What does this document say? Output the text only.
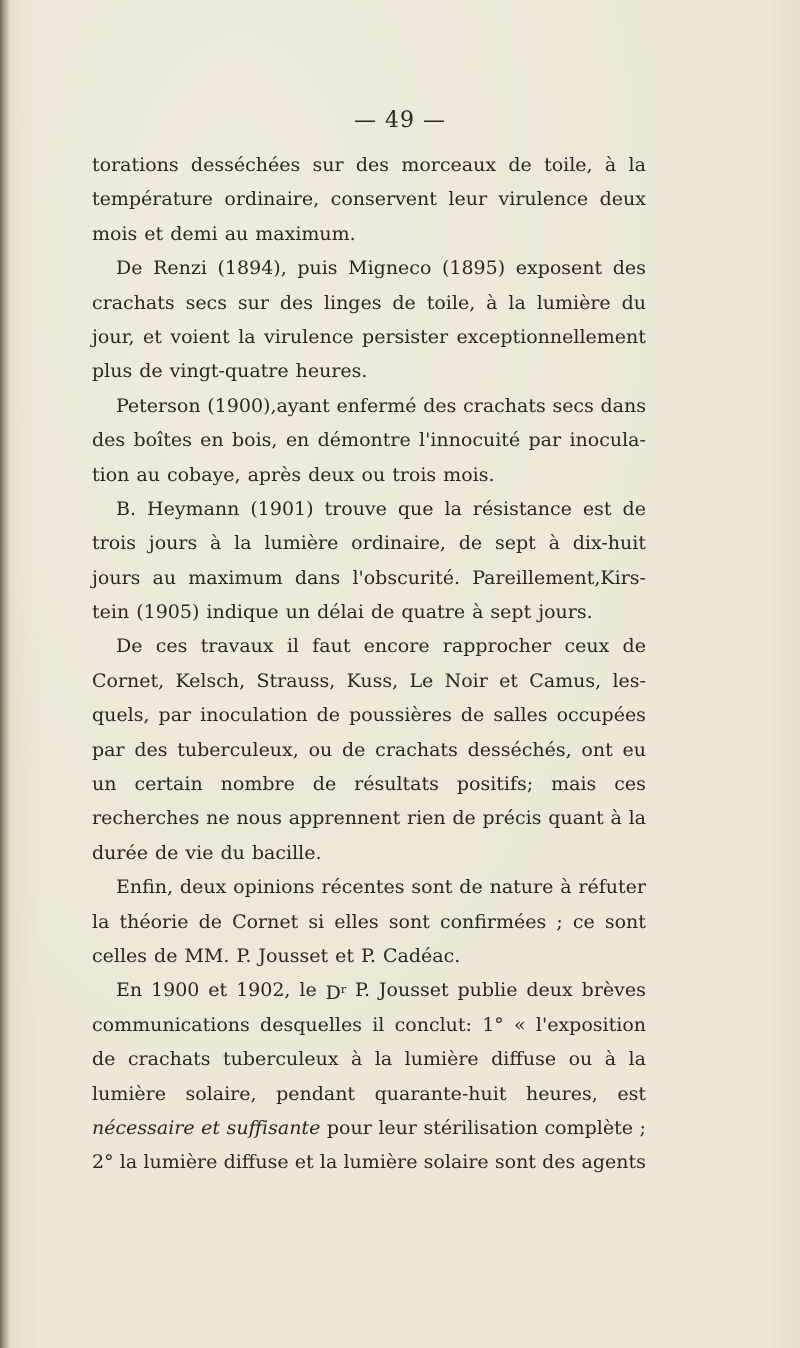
— 49 —
torations desséchées sur des morceaux de toile, à la
température ordinaire, conservent leur virulence deux
mois et demi au maximum.
De Renzi (1894), puis Migneco (1895) exposent des
crachats secs sur des linges de toile, à la lumière du
jour, et voient la virulence persister exceptionnellement
plus de vingt-quatre heures.
Peterson (1900),ayant enfermé des crachats secs dans
des boîtes en bois, en démontre l'innocuité par inocula-
tion au cobaye, après deux ou trois mois.
B. Heymann (1901) trouve que la résistance est de
trois jours à la lumière ordinaire, de sept à dix-huit
jours au maximum dans l'obscurité. Pareillement,Kirs-
tein (1905) indique un délai de quatre à sept jours.
De ces travaux il faut encore rapprocher ceux de
Cornet, Kelsch, Strauss, Kuss, Le Noir et Camus, les-
quels, par inoculation de poussières de salles occupées
par des tuberculeux, ou de crachats desséchés, ont eu
un certain nombre de résultats positifs; mais ces
recherches ne nous apprennent rien de précis quant à la
durée de vie du bacille.
Enfin, deux opinions récentes sont de nature à réfuter
la théorie de Cornet si elles sont confirmées ; ce sont
celles de MM. P. Jousset et P. Cadéac.
En 1900 et 1902, le $D^r$ P. Jousset publie deux brèves
communications desquelles il conclut: 1° « l'exposition
de crachats tuberculeux à la lumière diffuse ou à la
lumière solaire, pendant quarante-huit heures, est
nécessaire et suffisante pour leur stérilisation complète ;
2° la lumière diffuse et la lumière solaire sont des agents
